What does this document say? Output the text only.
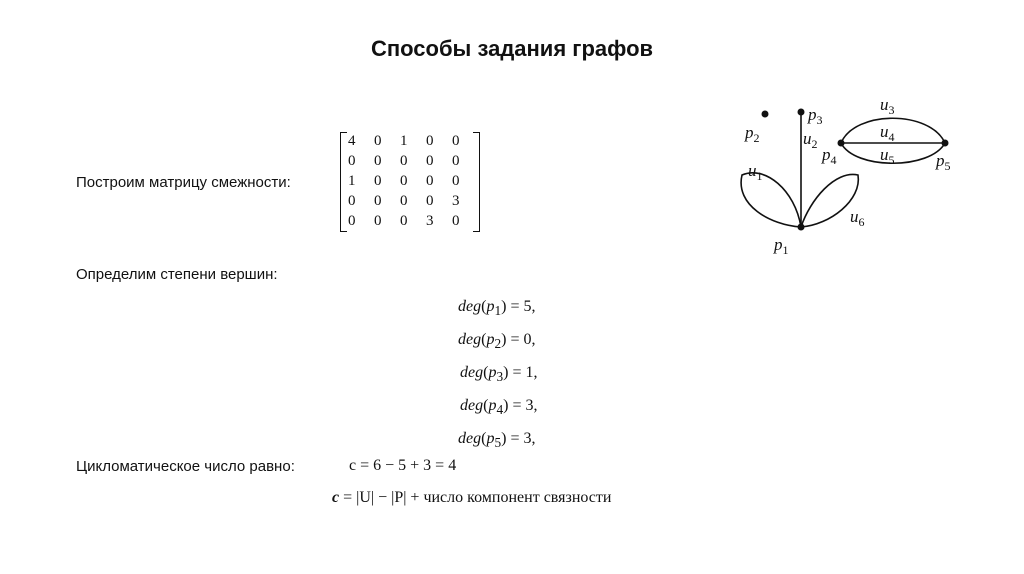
Способы задания графов
Построим матрицу смежности:
4	0	1	0	0
0	0	0	0	0
1	0	0	0	0
0	0	0	0	3
0	0	0	3	0
Определим степени вершин:
$deg(p_1) = 5$,
$deg(p_2) = 0$,
$deg(p_3) = 1$,
$deg(p_4) = 3$,
$deg(p_5) = 3$,
Цикломатическое число равно:	c = 6 − 5 + 3 = 4
c = |U| − |P| + число компонент связности
$p_1$
$p_2$
$p_3$
$p_4$	$p_5$
$u_1$
$u_2$
$u_3$
$u_4$
$u_5$
$u_6$
